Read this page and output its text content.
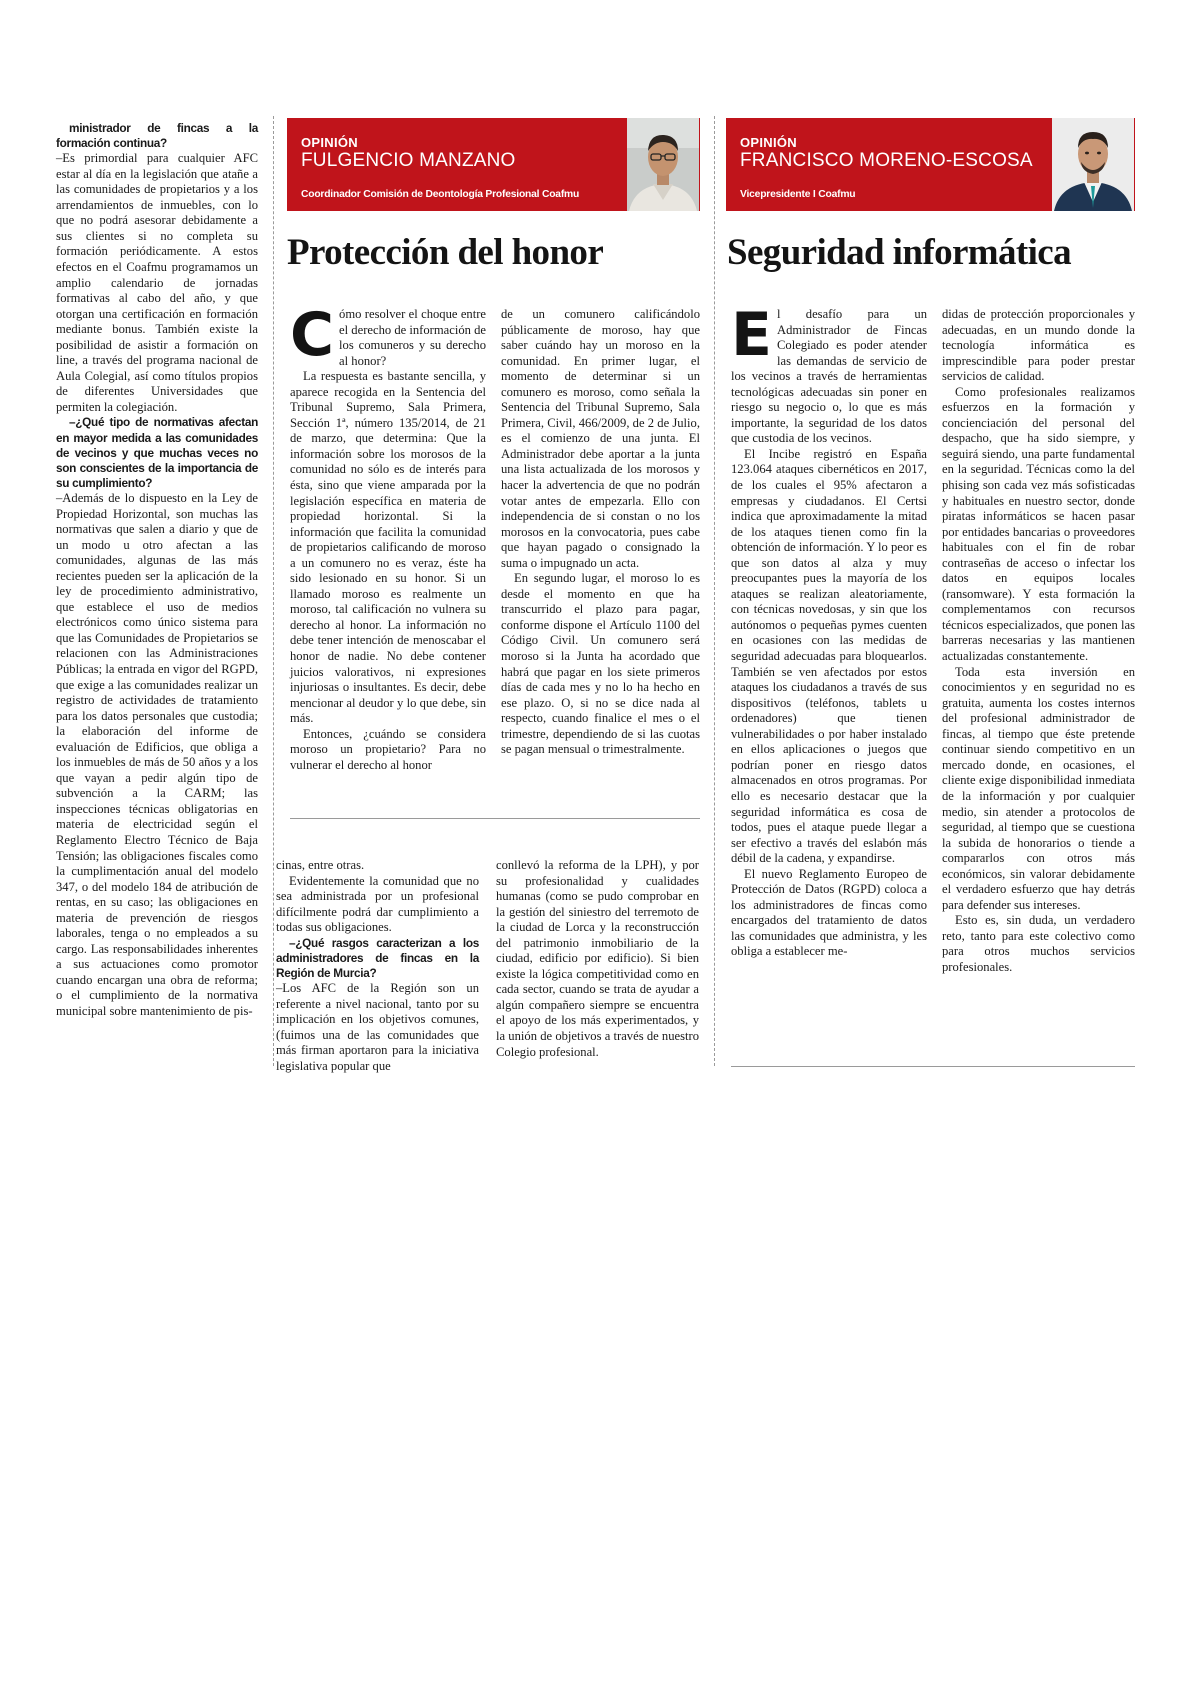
ministrador de fincas a la formación continua?

–Es primordial para cualquier AFC estar al día en la legislación que atañe a las comunidades de propietarios y a los arrendamientos de inmuebles, con lo que no podrá asesorar debidamente a sus clientes si no completa su formación periódicamente. A estos efectos en el Coafmu programamos un amplio calendario de jornadas formativas al cabo del año, y que otorgan una certificación en formación mediante bonus. También existe la posibilidad de asistir a formación on line, a través del programa nacional de Aula Colegial, así como títulos propios de diferentes Universidades que permiten la colegiación.

–¿Qué tipo de normativas afectan en mayor medida a las comunidades de vecinos y que muchas veces no son conscientes de la importancia de su cumplimiento?

–Además de lo dispuesto en la Ley de Propiedad Horizontal, son muchas las normativas que salen a diario y que de un modo u otro afectan a las comunidades, algunas de las más recientes pueden ser la aplicación de la ley de procedimiento administrativo, que establece el uso de medios electrónicos como único sistema para que las Comunidades de Propietarios se relacionen con las Administraciones Públicas; la entrada en vigor del RGPD, que exige a las comunidades realizar un registro de actividades de tratamiento para los datos personales que custodia; la elaboración del informe de evaluación de Edificios, que obliga a los inmuebles de más de 50 años y a los que vayan a pedir algún tipo de subvención a la CARM; las inspecciones técnicas obligatorias en materia de electricidad según el Reglamento Electro Técnico de Baja Tensión; las obligaciones fiscales como la cumplimentación anual del modelo 347, o del modelo 184 de atribución de rentas, en su caso; las obligaciones en materia de prevención de riesgos laborales, tenga o no empleados a su cargo. Las responsabilidades inherentes a sus actuaciones como promotor cuando encargan una obra de reforma; o el cumplimiento de la normativa municipal sobre mantenimiento de pis-

cinas, entre otras.

Evidentemente la comunidad que no sea administrada por un profesional difícilmente podrá dar cumplimiento a todas sus obligaciones.

–¿Qué rasgos caracterizan a los administradores de fincas en la Región de Murcia?

–Los AFC de la Región son un referente a nivel nacional, tanto por su implicación en los objetivos comunes, (fuimos una de las comunidades que más firman aportaron para la iniciativa legislativa popular que

conllevó la reforma de la LPH), y por su profesionalidad y cualidades humanas (como se pudo comprobar en la gestión del siniestro del terremoto de la ciudad de Lorca y la reconstrucción del patrimonio inmobiliario de la ciudad, edificio por edificio). Si bien existe la lógica competitividad como en cada sector, cuando se trata de ayudar a algún compañero siempre se encuentra el apoyo de los más experimentados, y la unión de objetivos a través de nuestro Colegio profesional.

OPINIÓN
FULGENCIO MANZANO
Coordinador Comisión de Deontología Profesional Coafmu
Protección del honor

Cómo resolver el choque entre el derecho de información de los comuneros y su derecho al honor?

La respuesta es bastante sencilla, y aparece recogida en la Sentencia del Tribunal Supremo, Sala Primera, Sección 1ª, número 135/2014, de 21 de marzo, que determina: Que la información sobre los morosos de la comunidad no sólo es de interés para ésta, sino que viene amparada por la legislación específica en materia de propiedad horizontal. Si la información que facilita la comunidad de propietarios calificando de moroso a un comunero no es veraz, éste ha sido lesionado en su honor. Si un llamado moroso es realmente un moroso, tal calificación no vulnera su derecho al honor. La información no debe tener intención de menoscabar el honor de nadie. No debe contener juicios valorativos, ni expresiones injuriosas o insultantes. Es decir, debe mencionar al deudor y lo que debe, sin más.

Entonces, ¿cuándo se considera moroso un propietario? Para no vulnerar el derecho al honor

de un comunero calificándolo públicamente de moroso, hay que saber cuándo hay un moroso en la comunidad. En primer lugar, el momento de determinar si un comunero es moroso, como señala la Sentencia del Tribunal Supremo, Sala Primera, Civil, 466/2009, de 2 de Julio, es el comienzo de una junta. El Administrador debe aportar a la junta una lista actualizada de los morosos y hacer la advertencia de que no podrán votar antes de empezarla. Ello con independencia de si constan o no los morosos en la convocatoria, pues cabe que hayan pagado o consignado la suma o impugnado un acta.

En segundo lugar, el moroso lo es desde el momento en que ha transcurrido el plazo para pagar, conforme dispone el Artículo 1100 del Código Civil. Un comunero será moroso si la Junta ha acordado que habrá que pagar en los siete primeros días de cada mes y no lo ha hecho en ese plazo. O, si no se dice nada al respecto, cuando finalice el mes o el trimestre, dependiendo de si las cuotas se pagan mensual o trimestralmente.

OPINIÓN
FRANCISCO MORENO-ESCOSA
Vicepresidente I Coafmu
Seguridad informática

El desafío para un Administrador de Fincas Colegiado es poder atender las demandas de servicio de los vecinos a través de herramientas tecnológicas adecuadas sin poner en riesgo su negocio o, lo que es más importante, la seguridad de los datos que custodia de los vecinos.

El Incibe registró en España 123.064 ataques cibernéticos en 2017, de los cuales el 95% afectaron a empresas y ciudadanos. El Certsi indica que aproximadamente la mitad de los ataques tienen como fin la obtención de información. Y lo peor es que son datos al alza y muy preocupantes pues la mayoría de los ataques se realizan aleatoriamente, con técnicas novedosas, y sin que los autónomos o pequeñas pymes cuenten en ocasiones con las medidas de seguridad adecuadas para bloquearlos. También se ven afectados por estos ataques los ciudadanos a través de sus dispositivos (teléfonos, tablets u ordenadores) que tienen vulnerabilidades o por haber instalado en ellos aplicaciones o juegos que podrían poner en riesgo datos almacenados en otros programas. Por ello es necesario destacar que la seguridad informática es cosa de todos, pues el ataque puede llegar a ser efectivo a través del eslabón más débil de la cadena, y expandirse.

El nuevo Reglamento Europeo de Protección de Datos (RGPD) coloca a los administradores de fincas como encargados del tratamiento de datos las comunidades que administra, y les obliga a establecer me-

didas de protección proporcionales y adecuadas, en un mundo donde la tecnología informática es imprescindible para poder prestar servicios de calidad.

Como profesionales realizamos esfuerzos en la formación y concienciación del personal del despacho, que ha sido siempre, y seguirá siendo, una parte fundamental en la seguridad. Técnicas como la del phising son cada vez más sofisticadas y habituales en nuestro sector, donde piratas informáticos se hacen pasar por entidades bancarias o proveedores habituales con el fin de robar contraseñas de acceso o infectar los datos en equipos locales (ransomware). Y esta formación la complementamos con recursos técnicos especializados, que ponen las barreras necesarias y las mantienen actualizadas constantemente.

Toda esta inversión en conocimientos y en seguridad no es gratuita, aumenta los costes internos del profesional administrador de fincas, al tiempo que éste pretende continuar siendo competitivo en un mercado donde, en ocasiones, el cliente exige disponibilidad inmediata de la información y por cualquier medio, sin atender a protocolos de seguridad, al tiempo que se cuestiona la subida de honorarios o tiende a compararlos con otros más económicos, sin valorar debidamente el verdadero esfuerzo que hay detrás para defender sus intereses.

Esto es, sin duda, un verdadero reto, tanto para este colectivo como para otros muchos servicios profesionales.
